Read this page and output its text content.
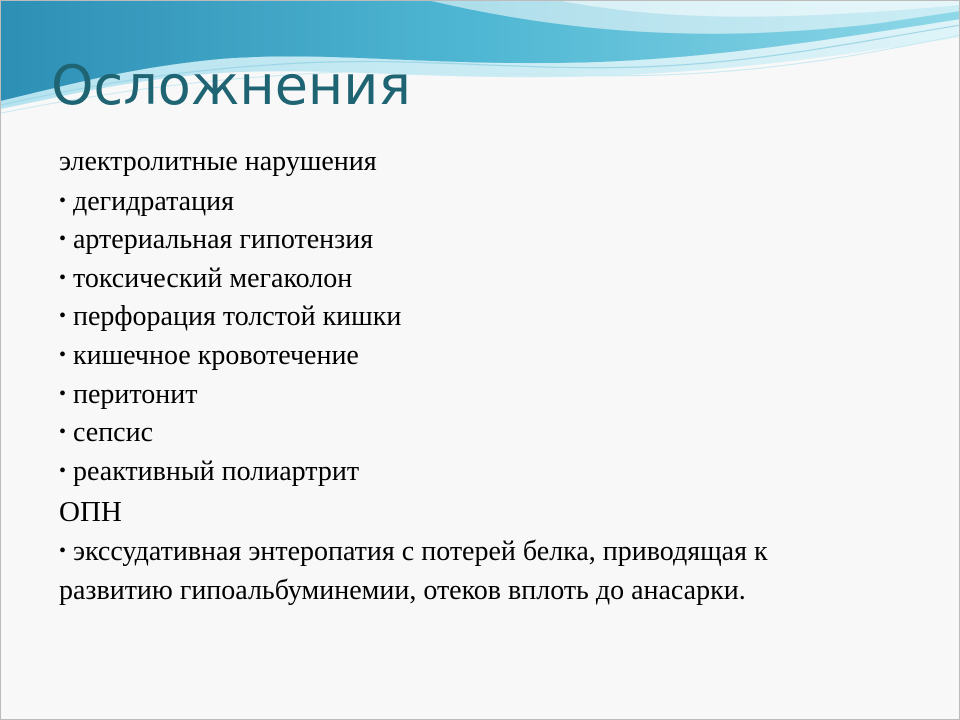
Осложнения
электролитные нарушения
• дегидратация
• артериальная гипотензия
• токсический мегаколон
• перфорация толстой кишки
• кишечное кровотечение
• перитонит
• сепсис
• реактивный полиартрит
ОПН
• экссудативная энтеропатия с потерей белка, приводящая к развитию гипоальбуминемии, отеков вплоть до анасарки.
